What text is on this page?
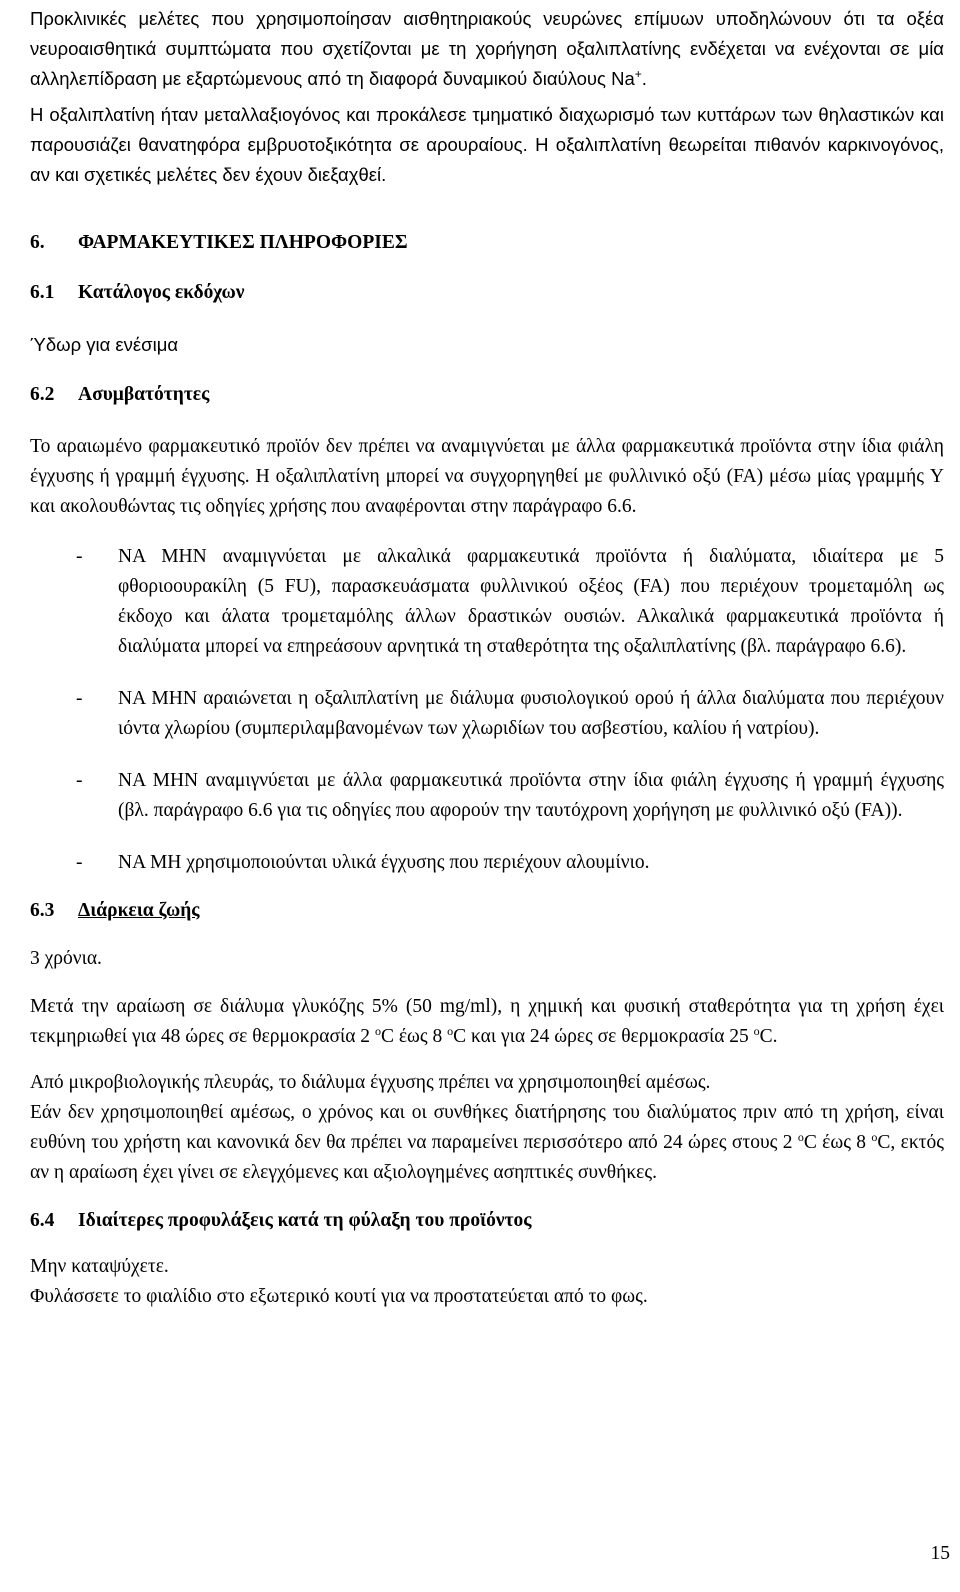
Προκλινικές μελέτες που χρησιμοποίησαν αισθητηριακούς νευρώνες επίμυων υποδηλώνουν ότι τα οξέα νευροαισθητικά συμπτώματα που σχετίζονται με τη χορήγηση οξαλιπλατίνης ενδέχεται να ενέχονται σε μία αλληλεπίδραση με εξαρτώμενους από τη διαφορά δυναμικού διαύλους Na+.

Η οξαλιπλατίνη ήταν μεταλλαξιογόνος και προκάλεσε τμηματικό διαχωρισμό των κυττάρων των θηλαστικών και παρουσιάζει θανατηφόρα εμβρυοτοξικότητα σε αρουραίους. Η οξαλιπλατίνη θεωρείται πιθανόν καρκινογόνος, αν και σχετικές μελέτες δεν έχουν διεξαχθεί.

6.	ΦΑΡΜΑΚΕΥΤΙΚΕΣ ΠΛΗΡΟΦΟΡΙΕΣ
6.1	Κατάλογος εκδόχων

Ύδωρ για ενέσιμα

6.2	Ασυμβατότητες

Το αραιωμένο φαρμακευτικό προϊόν δεν πρέπει να αναμιγνύεται με άλλα φαρμακευτικά προϊόντα στην ίδια φιάλη έγχυσης ή γραμμή έγχυσης. Η οξαλιπλατίνη μπορεί να συγχορηγηθεί με φυλλινικό οξύ (FA) μέσω μίας γραμμής Y και ακολουθώντας τις οδηγίες χρήσης που αναφέρονται στην παράγραφο 6.6.

- ΝΑ ΜΗΝ αναμιγνύεται με αλκαλικά φαρμακευτικά προϊόντα ή διαλύματα, ιδιαίτερα με 5 φθοριοουρακίλη (5 FU), παρασκευάσματα φυλλινικού οξέος (FA) που περιέχουν τρομεταμόλη ως έκδοχο και άλατα τρομεταμόλης άλλων δραστικών ουσιών. Αλκαλικά φαρμακευτικά προϊόντα ή διαλύματα μπορεί να επηρεάσουν αρνητικά τη σταθερότητα της οξαλιπλατίνης (βλ. παράγραφο 6.6).
- ΝΑ ΜΗΝ αραιώνεται η οξαλιπλατίνη με διάλυμα φυσιολογικού ορού ή άλλα διαλύματα που περιέχουν ιόντα χλωρίου (συμπεριλαμβανομένων των χλωριδίων του ασβεστίου, καλίου ή νατρίου).
- ΝΑ ΜΗΝ αναμιγνύεται με άλλα φαρμακευτικά προϊόντα στην ίδια φιάλη έγχυσης ή γραμμή έγχυσης (βλ. παράγραφο 6.6 για τις οδηγίες που αφορούν την ταυτόχρονη χορήγηση με φυλλινικό οξύ (FA)).
- ΝΑ ΜΗ χρησιμοποιούνται υλικά έγχυσης που περιέχουν αλουμίνιο.
6.3	Διάρκεια ζωής

3 χρόνια.

Μετά την αραίωση σε διάλυμα γλυκόζης 5% (50 mg/ml), η χημική και φυσική σταθερότητα για τη χρήση έχει τεκμηριωθεί για 48 ώρες σε θερμοκρασία 2 $^o$C έως 8 $^o$C και για 24 ώρες σε θερμοκρασία 25 $^o$C.

Από μικροβιολογικής πλευράς, το διάλυμα έγχυσης πρέπει να χρησιμοποιηθεί αμέσως.

Εάν δεν χρησιμοποιηθεί αμέσως, ο χρόνος και οι συνθήκες διατήρησης του διαλύματος πριν από τη χρήση, είναι ευθύνη του χρήστη και κανονικά δεν θα πρέπει να παραμείνει περισσότερο από 24 ώρες στους 2 $^o$C έως 8 $^o$C, εκτός αν η αραίωση έχει γίνει σε ελεγχόμενες και αξιολογημένες ασηπτικές συνθήκες.

6.4	Ιδιαίτερες προφυλάξεις κατά τη φύλαξη του προϊόντος

Μην καταψύχετε.

Φυλάσσετε το φιαλίδιο στο εξωτερικό κουτί για να προστατεύεται από το φως.

15
